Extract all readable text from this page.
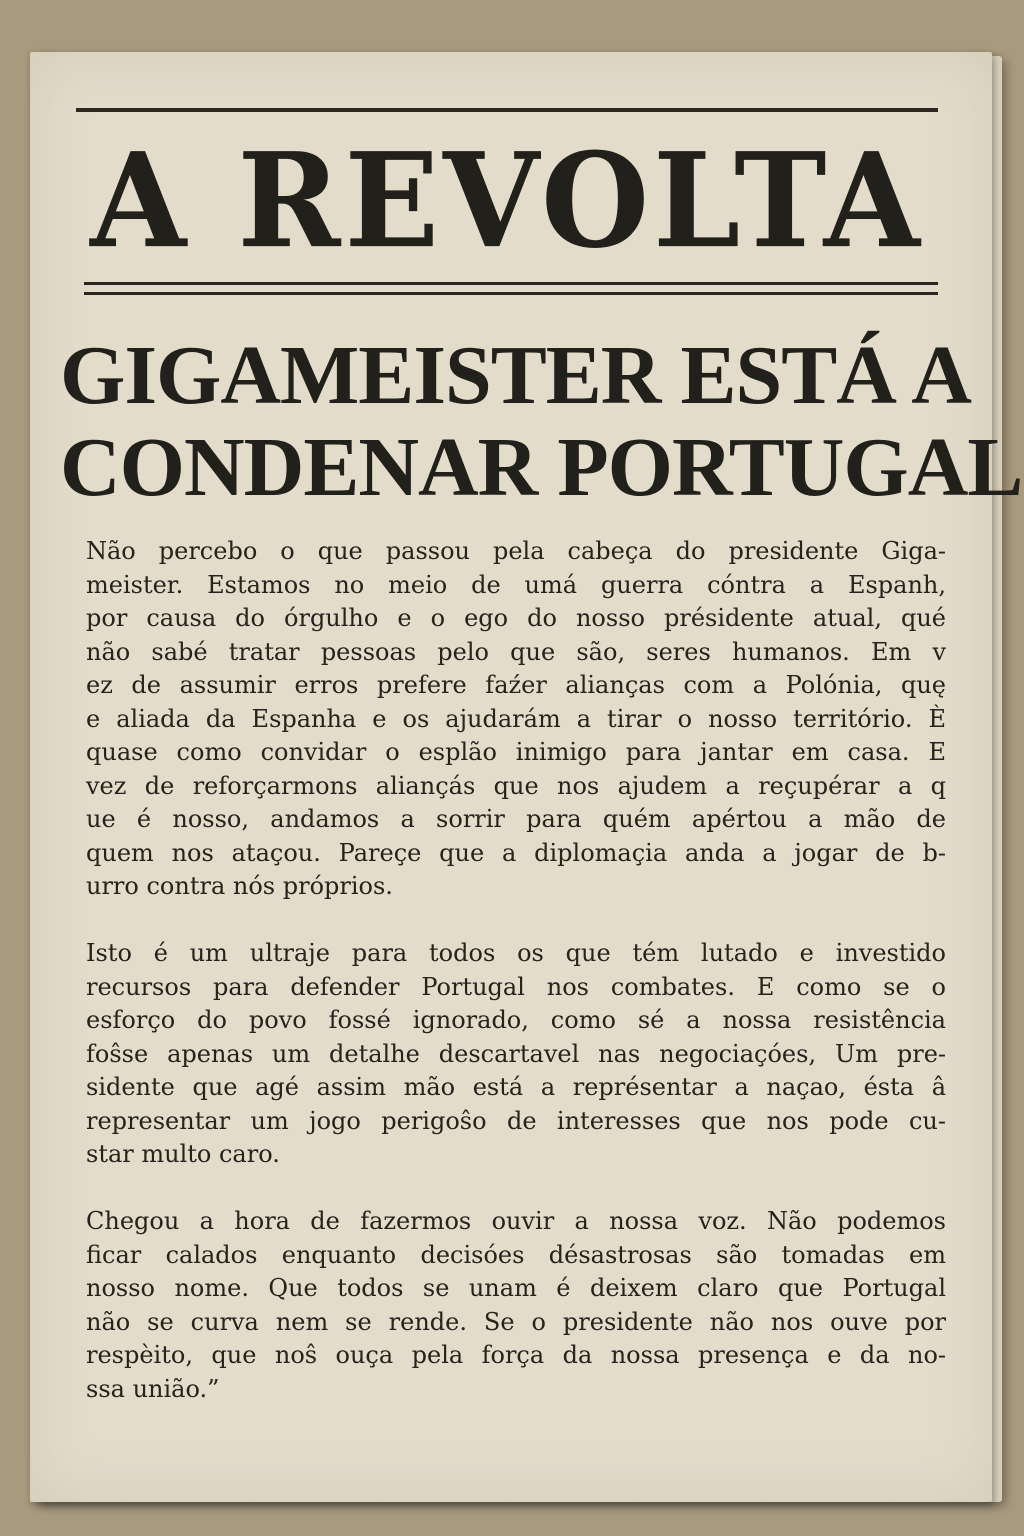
A REVOLTA
GIGAMEISTER ESTÁ A
CONDENAR PORTUGAL

Não percebo o que passou pela cabeça do presidente Giga-
meister. Estamos no meio de umá guerra cóntra a Espanh,
por causa do órgulho e o ego do nosso présidente atual, qué
não sabé tratar pessoas pelo que são, seres humanos. Em v
ez de assumir erros prefere faźer alianças com a Polónia, quę
e aliada da Espanha e os ajudarám a tirar o nosso território. È
quase como convidar o esplão inimigo para jantar em casa. E
vez de reforçarmons aliançás que nos ajudem a reçupérar a q
ue é nosso, andamos a sorrir para quém apértou a mão de
quem nos ataçou. Pareçe que a diplomaçia anda a jogar de b-
urro contra nós próprios.

Isto é um ultraje para todos os que tém lutado e investido
recursos para defender Portugal nos combates. E como se o
esforço do povo fossé ignorado, como sé a nossa resistência
foŝse apenas um detalhe descartavel nas negociaçóes, Um pre-
sidente que agé assim mão está a représentar a naçao, ésta â
representar um jogo perigoŝo de interesses que nos pode cu-
star multo caro.

Chegou a hora de fazermos ouvir a nossa voz. Não podemos
ficar calados enquanto decisóes désastrosas são tomadas em
nosso nome. Que todos se unam é deixem claro que Portugal
não se curva nem se rende. Se o presidente não nos ouve por
respèito, que noŝ ouça pela força da nossa presença e da no-
ssa união.”
